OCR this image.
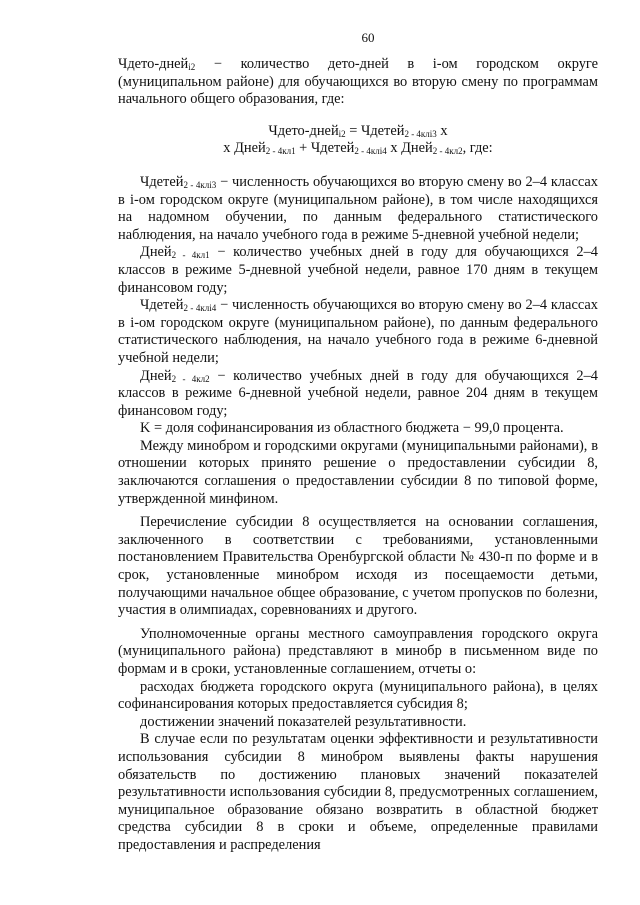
60

Чдето-дней$_{i2}$ − количество дето-дней в i-ом городском округе (муниципальном районе) для обучающихся во вторую смену по программам начального общего образования, где:

Чдето-дней$_{i2}$ = Чдетей$_{2 - 4клi3}$ x

х Дней$_{2 - 4кл1}$ + Чдетей$_{2 - 4клi4}$ х Дней$_{2 - 4кл2}$, где:

Чдетей$_{2 - 4клi3}$ − численность обучающихся во вторую смену во 2–4 классах в i-ом городском округе (муниципальном районе), в том числе находящихся на надомном обучении, по данным федерального статистического наблюдения, на начало учебного года в режиме 5-дневной учебной недели;

Дней$_{2 - 4кл1}$ − количество учебных дней в году для обучающихся 2–4 классов в режиме 5-дневной учебной недели, равное 170 дням в текущем финансовом году;

Чдетей$_{2 - 4клi4}$ − численность обучающихся во вторую смену во 2–4 классах в i-ом городском округе (муниципальном районе), по данным федерального статистического наблюдения, на начало учебного года в режиме 6-дневной учебной недели;

Дней$_{2 - 4кл2}$ − количество учебных дней в году для обучающихся 2–4 классов в режиме 6-дневной учебной недели, равное 204 дням в текущем финансовом году;

K = доля софинансирования из областного бюджета − 99,0 процента.

Между минобром и городскими округами (муниципальными районами), в отношении которых принято решение о предоставлении субсидии 8, заключаются соглашения о предоставлении субсидии 8 по типовой форме, утвержденной минфином.

Перечисление субсидии 8 осуществляется на основании соглашения, заключенного в соответствии с требованиями, установленными постановлением Правительства Оренбургской области № 430-п по форме и в срок, установленные минобром исходя из посещаемости детьми, получающими начальное общее образование, с учетом пропусков по болезни, участия в олимпиадах, соревнованиях и другого.

Уполномоченные органы местного самоуправления городского округа (муниципального района) представляют в минобр в письменном виде по формам и в сроки, установленные соглашением, отчеты о:

расходах бюджета городского округа (муниципального района), в целях софинансирования которых предоставляется субсидия 8;

достижении значений показателей результативности.

В случае если по результатам оценки эффективности и результативности использования субсидии 8 минобром выявлены факты нарушения обязательств по достижению плановых значений показателей результативности использования субсидии 8, предусмотренных соглашением, муниципальное образование обязано возвратить в областной бюджет средства субсидии 8 в сроки и объеме, определенные правилами предоставления и распределения
